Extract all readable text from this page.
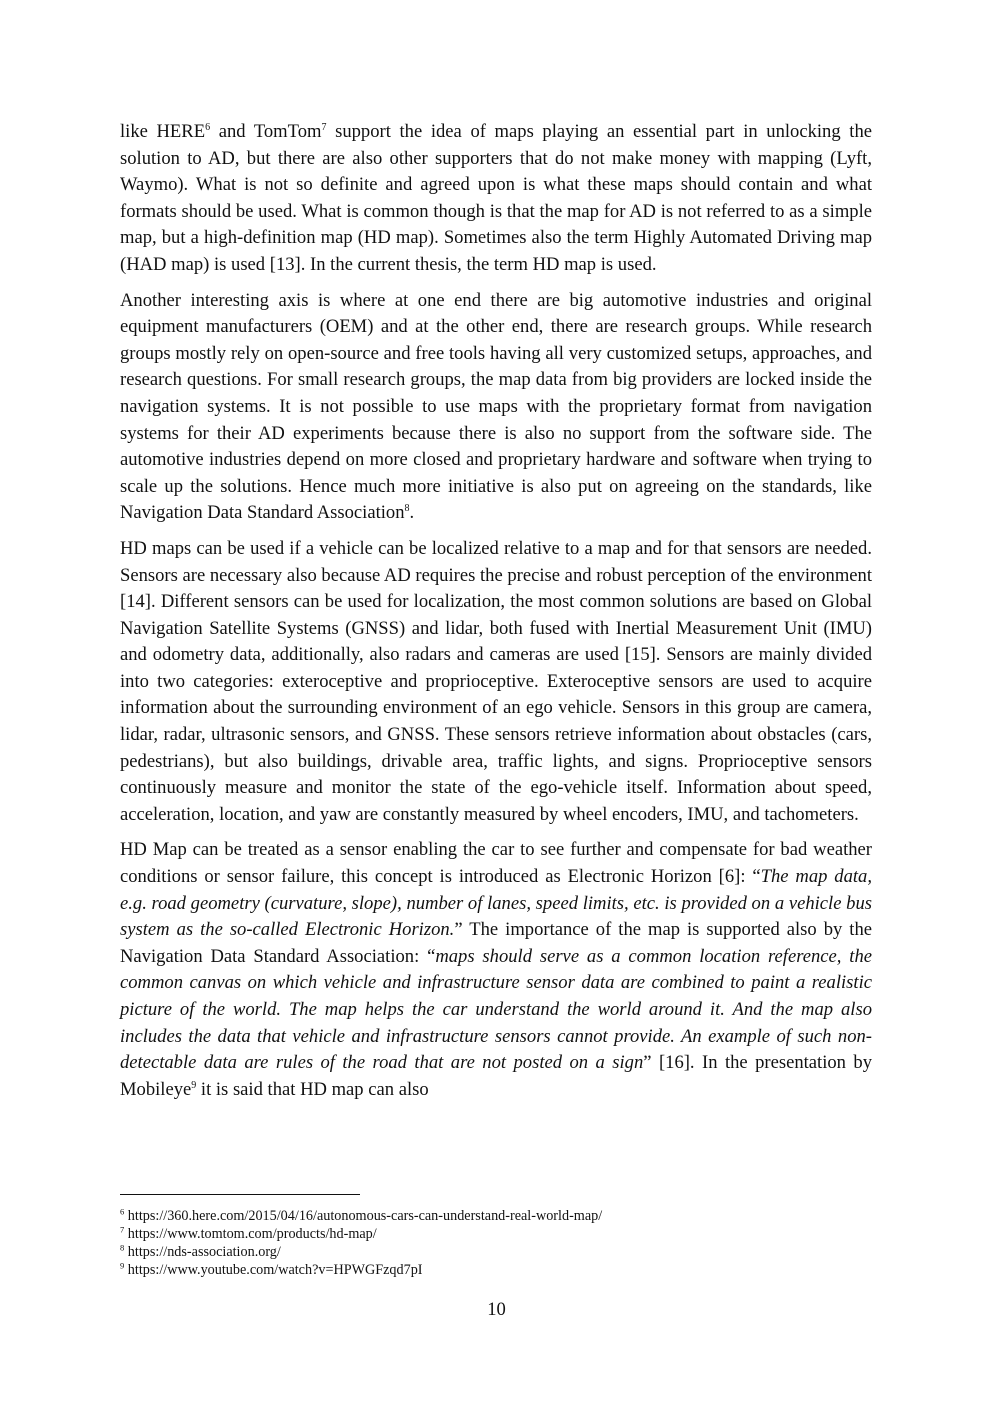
like HERE$^6$ and TomTom$^7$ support the idea of maps playing an essential part in unlocking the solution to AD, but there are also other supporters that do not make money with mapping (Lyft, Waymo). What is not so definite and agreed upon is what these maps should contain and what formats should be used. What is common though is that the map for AD is not referred to as a simple map, but a high-definition map (HD map). Sometimes also the term Highly Automated Driving map (HAD map) is used [13]. In the current thesis, the term HD map is used.

Another interesting axis is where at one end there are big automotive industries and original equipment manufacturers (OEM) and at the other end, there are research groups. While research groups mostly rely on open-source and free tools having all very customized setups, approaches, and research questions. For small research groups, the map data from big providers are locked inside the navigation systems. It is not possible to use maps with the proprietary format from navigation systems for their AD experiments because there is also no support from the software side. The automotive industries depend on more closed and proprietary hardware and software when trying to scale up the solutions. Hence much more initiative is also put on agreeing on the standards, like Navigation Data Standard Association$^8$.

HD maps can be used if a vehicle can be localized relative to a map and for that sensors are needed. Sensors are necessary also because AD requires the precise and robust perception of the environment [14]. Different sensors can be used for localization, the most common solutions are based on Global Navigation Satellite Systems (GNSS) and lidar, both fused with Inertial Measurement Unit (IMU) and odometry data, additionally, also radars and cameras are used [15]. Sensors are mainly divided into two categories: exteroceptive and proprioceptive. Exteroceptive sensors are used to acquire information about the surrounding environment of an ego vehicle. Sensors in this group are camera, lidar, radar, ultrasonic sensors, and GNSS. These sensors retrieve information about obstacles (cars, pedestrians), but also buildings, drivable area, traffic lights, and signs. Proprioceptive sensors continuously measure and monitor the state of the ego-vehicle itself. Information about speed, acceleration, location, and yaw are constantly measured by wheel encoders, IMU, and tachometers.

HD Map can be treated as a sensor enabling the car to see further and compensate for bad weather conditions or sensor failure, this concept is introduced as Electronic Horizon [6]: “The map data, e.g. road geometry (curvature, slope), number of lanes, speed limits, etc. is provided on a vehicle bus system as the so-called Electronic Horizon.” The importance of the map is supported also by the Navigation Data Standard Association: “maps should serve as a common location reference, the common canvas on which vehicle and infrastructure sensor data are combined to paint a realistic picture of the world. The map helps the car understand the world around it. And the map also includes the data that vehicle and infrastructure sensors cannot provide. An example of such non-detectable data are rules of the road that are not posted on a sign” [16]. In the presentation by Mobileye$^9$ it is said that HD map can also

$^6$ https://360.here.com/2015/04/16/autonomous-cars-can-understand-real-world-map/

$^7$ https://www.tomtom.com/products/hd-map/

$^8$ https://nds-association.org/

$^9$ https://www.youtube.com/watch?v=HPWGFzqd7pI

10
